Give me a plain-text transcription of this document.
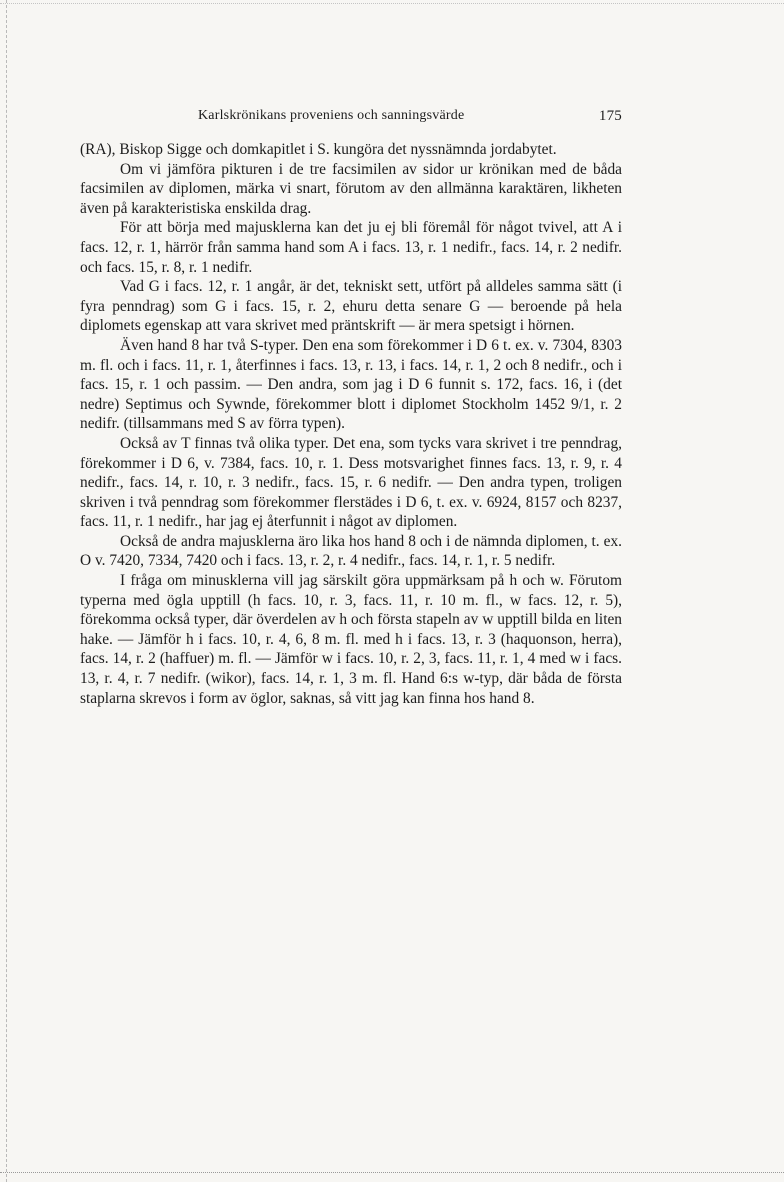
Karlskrönikans proveniens och sanningsvärde	175

(RA), Biskop Sigge och domkapitlet i S. kungöra det nyssnämnda jordabytet.

Om vi jämföra pikturen i de tre facsimilen av sidor ur krönikan med de båda facsimilen av diplomen, märka vi snart, förutom av den allmänna karaktären, likheten även på karakteristiska enskilda drag.

För att börja med majusklerna kan det ju ej bli föremål för något tvivel, att A i facs. 12, r. 1, härrör från samma hand som A i facs. 13, r. 1 nedifr., facs. 14, r. 2 nedifr. och facs. 15, r. 8, r. 1 nedifr.

Vad G i facs. 12, r. 1 angår, är det, tekniskt sett, utfört på alldeles samma sätt (i fyra penndrag) som G i facs. 15, r. 2, ehuru detta senare G — beroende på hela diplomets egenskap att vara skrivet med präntskrift — är mera spetsigt i hörnen.

Även hand 8 har två S-typer. Den ena som förekommer i D 6 t. ex. v. 7304, 8303 m. fl. och i facs. 11, r. 1, återfinnes i facs. 13, r. 13, i facs. 14, r. 1, 2 och 8 nedifr., och i facs. 15, r. 1 och passim. — Den andra, som jag i D 6 funnit s. 172, facs. 16, i (det nedre) Septimus och Sywnde, förekommer blott i diplomet Stockholm 1452 9/1, r. 2 nedifr. (tillsammans med S av förra typen).

Också av T finnas två olika typer. Det ena, som tycks vara skrivet i tre penndrag, förekommer i D 6, v. 7384, facs. 10, r. 1. Dess motsvarighet finnes facs. 13, r. 9, r. 4 nedifr., facs. 14, r. 10, r. 3 nedifr., facs. 15, r. 6 nedifr. — Den andra typen, troligen skriven i två penndrag som förekommer flerstädes i D 6, t. ex. v. 6924, 8157 och 8237, facs. 11, r. 1 nedifr., har jag ej återfunnit i något av diplomen.

Också de andra majusklerna äro lika hos hand 8 och i de nämnda diplomen, t. ex. O v. 7420, 7334, 7420 och i facs. 13, r. 2, r. 4 nedifr., facs. 14, r. 1, r. 5 nedifr.

I fråga om minusklerna vill jag särskilt göra uppmärksam på h och w. Förutom typerna med ögla upptill (h facs. 10, r. 3, facs. 11, r. 10 m. fl., w facs. 12, r. 5), förekomma också typer, där överdelen av h och första stapeln av w upptill bilda en liten hake. — Jämför h i facs. 10, r. 4, 6, 8 m. fl. med h i facs. 13, r. 3 (haquonson, herra), facs. 14, r. 2 (haffuer) m. fl. — Jämför w i facs. 10, r. 2, 3, facs. 11, r. 1, 4 med w i facs. 13, r. 4, r. 7 nedifr. (wikor), facs. 14, r. 1, 3 m. fl. Hand 6:s w-typ, där båda de första staplarna skrevos i form av öglor, saknas, så vitt jag kan finna hos hand 8.
